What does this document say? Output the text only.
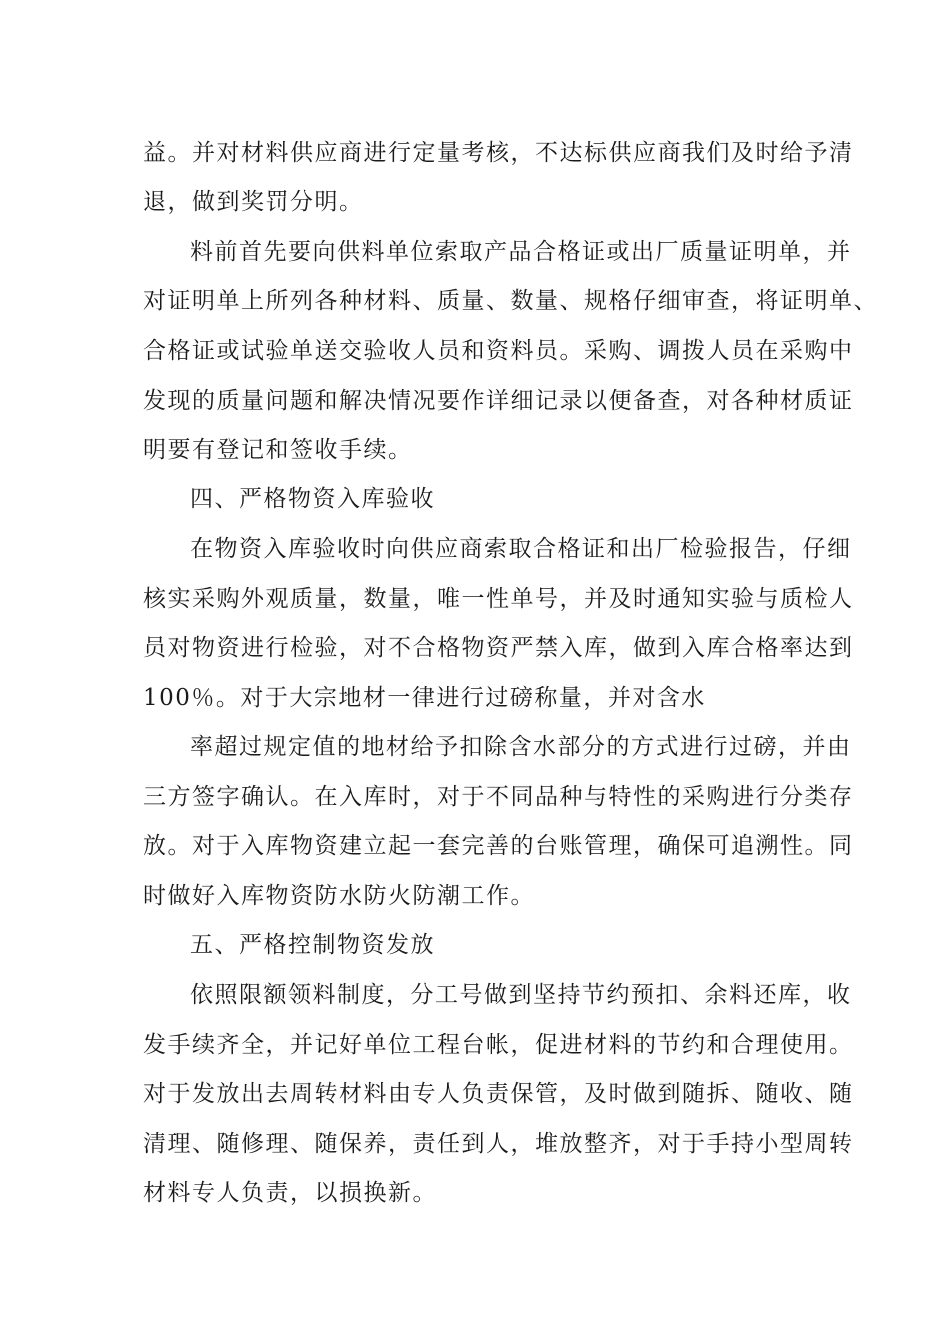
益。并对材料供应商进行定量考核，不达标供应商我们及时给予清

退，做到奖罚分明。

料前首先要向供料单位索取产品合格证或出厂质量证明单，并

对证明单上所列各种材料、质量、数量、规格仔细审查，将证明单、

合格证或试验单送交验收人员和资料员。采购、调拨人员在采购中

发现的质量问题和解决情况要作详细记录以便备查，对各种材质证

明要有登记和签收手续。

四、严格物资入库验收

在物资入库验收时向供应商索取合格证和出厂检验报告，仔细

核实采购外观质量，数量，唯一性单号，并及时通知实验与质检人

员对物资进行检验，对不合格物资严禁入库，做到入库合格率达到

100％。对于大宗地材一律进行过磅称量，并对含水

率超过规定值的地材给予扣除含水部分的方式进行过磅，并由

三方签字确认。在入库时，对于不同品种与特性的采购进行分类存

放。对于入库物资建立起一套完善的台账管理，确保可追溯性。同

时做好入库物资防水防火防潮工作。

五、严格控制物资发放

依照限额领料制度，分工号做到坚持节约预扣、余料还库，收

发手续齐全，并记好单位工程台帐，促进材料的节约和合理使用。

对于发放出去周转材料由专人负责保管，及时做到随拆、随收、随

清理、随修理、随保养，责任到人，堆放整齐，对于手持小型周转

材料专人负责，以损换新。
